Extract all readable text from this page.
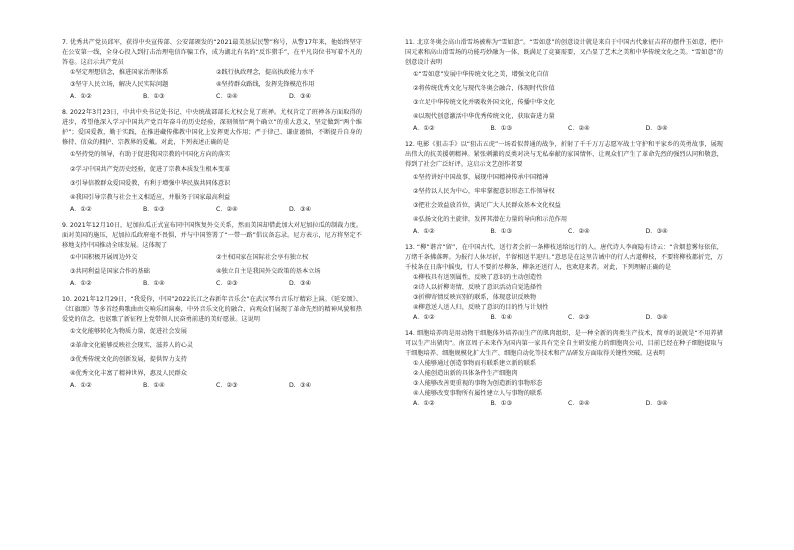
7. 优秀共产党员邱军，获得中央宣传部、公安部颁发的“2021最美基层民警”称号，从警17年来，他始终坚守在公安第一线，全身心投入到打击治理电信诈骗工作，成为湖北有名的“反诈猎手”，在平凡岗位书写着不凡的答卷。这启示共产党员

①坚定理想信念，推进国家治理体系	②践行执政理念，提高执政能力水平
③坚守人民立场，解决人民实际问题	④坚持群众路线，发挥先锋模范作用
A．①②	B．①③	C．②④	D．③④

8. 2022年3月23日，中共中央书记处书记、中央统战部部长尤权会见了班禅。尤权肯定了班禅各方面取得的进步，希望他深入学习中国共产党百年奋斗的历史经验，深刻领悟“两个确立”的重大意义，坚定做到“两个维护”；爱国爱教，勤于实践，在推进藏传佛教中国化上发挥更大作用；严于律己、谦虚谨慎，不断提升自身的修持、信众的拥护、宗教界的爱戴。对此，下列表述正确的是

①坚持党的领导，有助于促进我国宗教的中国化方向的落实

②学习中国共产党历史经验，促进了宗教本质发生根本变革

③引导信教群众爱国爱教，有利于增强中华民族共同体意识

④我国引导宗教与社会主义相适应，并服务于国家最高利益

A．①②	B．①③	C．②④	D．③④

9. 2021年12月10日，尼加拉瓜正式宣布同中国恢复外交关系，然而美国却借此加大对尼加拉瓜的制裁力度。面对美国的施压，尼加拉瓜政府毫不畏惧，并与中国签署了“一带一路”倡议备忘录。尼方表示，尼方将坚定不移地支持中国推动全球发展。这体现了

①中国积极开展周边外交	②主权国家在国际社会享有独立权
③共同利益是国家合作的基础	④独立自主是我国外交政策的基本立场
A．①②	B．①④	C．②③	D．③④

10. 2021年12月29日，“我爱你，中国”2022长江之春新年音乐会”在武汉琴台音乐厅精彩上演。《延安颂》、《红旗颂》等多首经典歌曲由交响乐团演奏，中外音乐文化的融合，向观众们展现了革命先烈的精神风貌和热爱党的信念，也讴歌了新征程上党带领人民奋勇前进的美好愿景。这说明

①文化能够转化为物质力量，促进社会发展

②革命文化能够反映社会现实，滋养人的心灵

③优秀传统文化的创新发展，提供智力支持

④优秀文化丰富了精神世界，惠及人民群众

A．①②	B．①④	C．②③	D．③④

11. 北京冬奥会高山滑雪场被称为“雪如意”。“雪如意”的创意设计就是来自于中国古代象征吉祥的摆件玉如意，把中国元素和高山滑雪场的功能巧妙融为一体，既满足了竞赛需要，又凸显了艺术之美和中华传统文化之美。“雪如意”的创意设计表明

①“雪如意”发展中华传统文化之美，增强文化自信

②将传统优秀文化与现代冬奥会融合，体现时代价值

③立足中华传统文化并吸收外国文化，传播中华文化

④以现代创意激活中华优秀传统文化，获取奋进力量

A．①②	B．①③	C．②④	D．③④

12. 电影《狙击手》以“狙击五虎”一场看似普通的战争，折射了千千万万志愿军战士守护和平家乡的英勇故事，展现出伟大的抗美援朝精神。紧张刺激的反类对决与无私奉献的家国情怀，让观众们产生了革命先烈的强烈认同和敬意，得到了社会广泛好评。这启示文艺创作者要

①坚持讲好中国故事，展现中国精神传承中国精神

②坚持以人民为中心，牢牢掌握意识形态工作领导权

③把社会效益放首位，满足广大人民群众基本文化权益

④弘扬文化的主旋律，发挥其潜在力量的导向和示范作用

A．①②	B．①③	C．②④	D．③④

13. “柳”谐音“留”，在中国古代，送行者会折一条柳枝送给远行的人。唐代诗人李商隐有诗云：“含烟惹雾每依依，万绪千条拂落晖。为报行人休尽折，半留相送半迎归。”意思是在这里告诫中的行人古道柳枝，不要将柳枝都折完，万千枝条在日落中摇曳，行人不要折尽柳条，柳条还送行人，也欢迎来者。对此，下列理解正确的是

①柳枝具有送别属性，反映了意识的主动创造性

②诗人以折柳寄情，反映了意识活动自觉选择性

③折柳寄情反映宾别的联系，体现意识反映物

④柳意送人送人归，反映了意识的目的性与计划性

A．①②	B．①④	C．②③	D．③④

14. 细胞培养肉是用动物干细胞体外培养而生产的肌肉组织，是一种全新的肉类生产技术，简单的说就是“不用养猪可以生产出猪肉”。南京周子未来作为国内第一家具有完全自主研发能力的细胞肉公司，目前已经在种子细胞提取与干细胞培养、细胞规模化扩大生产、细胞自动化等技术和产品研发方面取得关键性突破。这表明

①人能够通过创造事物而有联系建立新的联系

②人能创造出新的具体条件生产细胞肉

③人能够改善更重视的事物为创造新的事物形态

④人能够改变事物所有属性建立人与事物的联系

A．①②	B．①③	C．②④	D．③④
